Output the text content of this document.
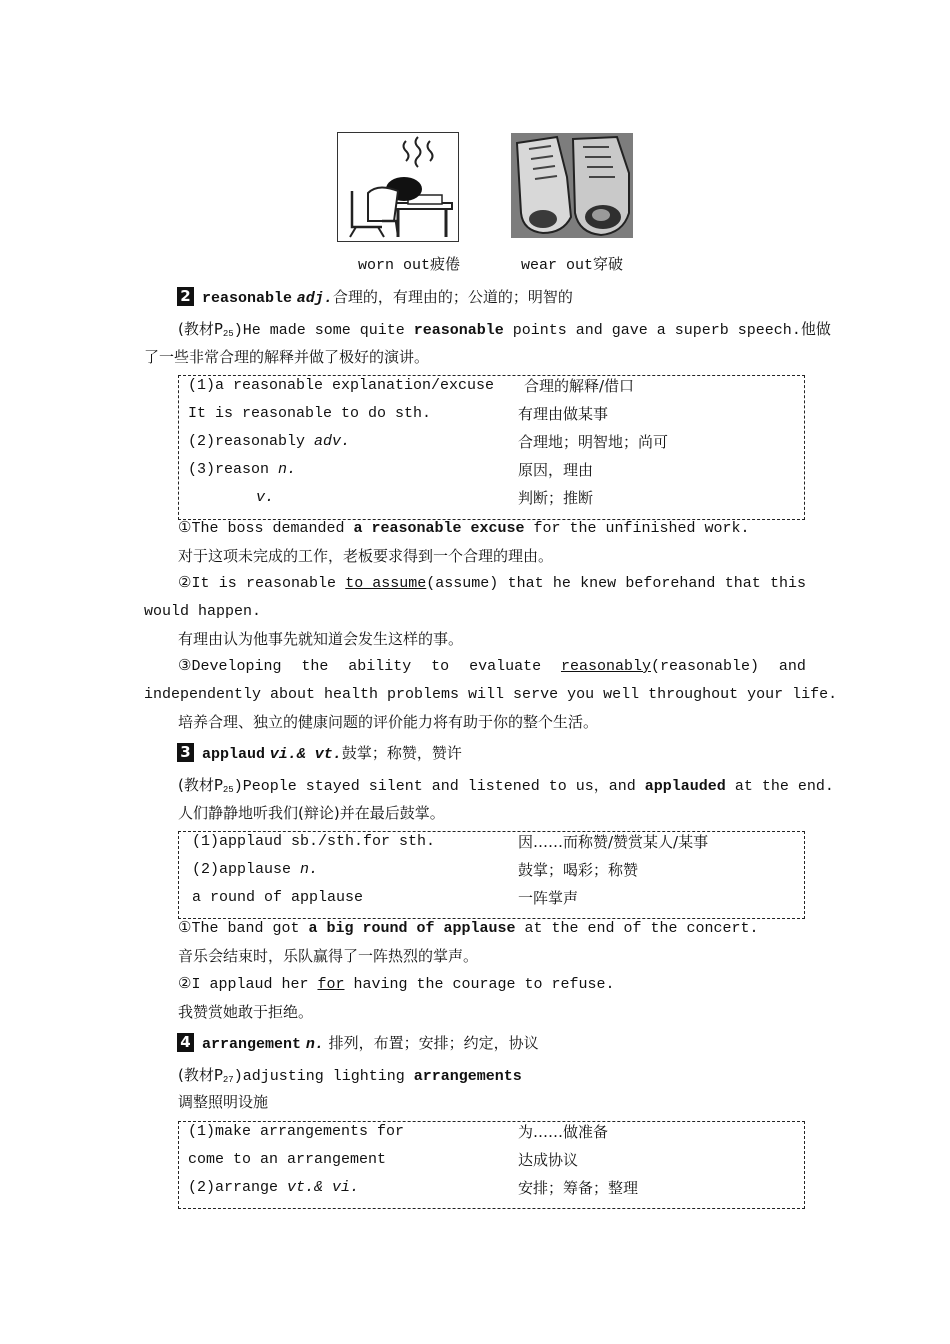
worn out疲倦	wear out穿破
2 reasonable adj.合理的，有理由的；公道的；明智的
(教材$P_{25})He$ made some quite reasonable points and gave a superb speech.他做
了一些非常合理的解释并做了极好的演讲。
(1)a reasonable explanation/excuse 合理的解释/借口
It is reasonable to do sth.	有理由做某事
(2)reasonably adv.	合理地；明智地；尚可
(3)reason n.	原因，理由
v.	判断；推断
①The boss demanded a reasonable excuse for the unfinished work.
对于这项未完成的工作，老板要求得到一个合理的理由。
②It is reasonable to assume(assume) that he knew beforehand that this
would happen.
有理由认为他事先就知道会发生这样的事。
③Developing the ability to evaluate reasonably(reasonable) and
independently about health problems will serve you well throughout your life.
培养合理、独立的健康问题的评价能力将有助于你的整个生活。
3 applaud vi.& vt.鼓掌；称赞，赞许
(教材$P_{25})People$ stayed silent and listened to us，and applauded at the end.
人们静静地听我们(辩论)并在最后鼓掌。
(1)applaud sb./sth.for sth.	因……而称赞/赞赏某人/某事
(2)applause n.	鼓掌；喝彩；称赞
a round of applause	一阵掌声
①The band got a big round of applause at the end of the concert.
音乐会结束时，乐队赢得了一阵热烈的掌声。
②I applaud her for having the courage to refuse.
我赞赏她敢于拒绝。
4 arrangement n. 排列，布置；安排；约定，协议
(教材$P_{27})adjusting$ lighting arrangements
调整照明设施
(1)make arrangements for	为……做准备
come to an arrangement	达成协议
(2)arrange vt.& vi.	安排；筹备；整理
